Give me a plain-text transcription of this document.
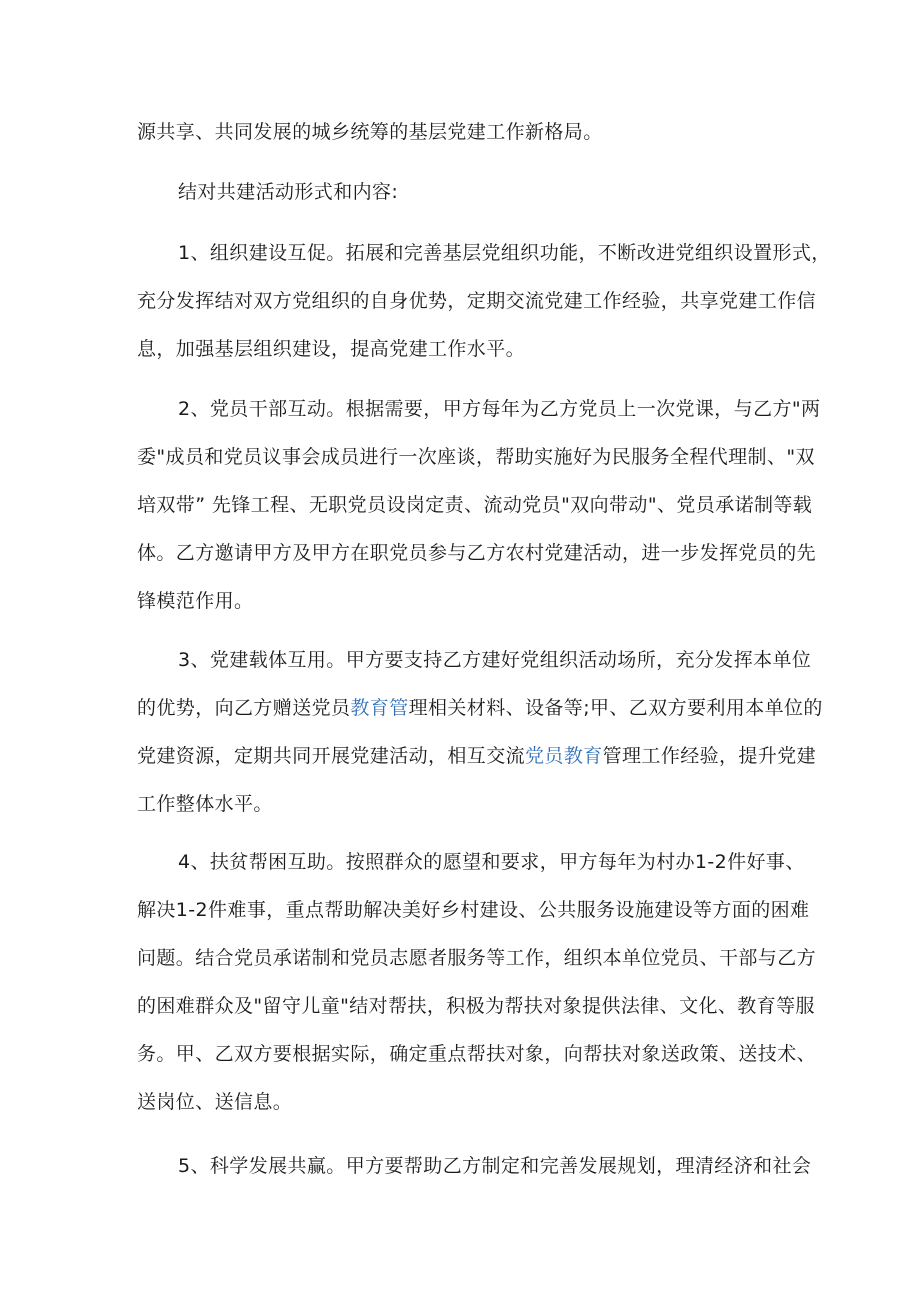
源共享、共同发展的城乡统筹的基层党建工作新格局。

结对共建活动形式和内容:

1、组织建设互促。拓展和完善基层党组织功能，不断改进党组织设置形式，
充分发挥结对双方党组织的自身优势，定期交流党建工作经验，共享党建工作信
息，加强基层组织建设，提高党建工作水平。

2、党员干部互动。根据需要，甲方每年为乙方党员上一次党课，与乙方"两
委"成员和党员议事会成员进行一次座谈，帮助实施好为民服务全程代理制、"双
培双带” 先锋工程、无职党员设岗定责、流动党员"双向带动"、党员承诺制等载
体。乙方邀请甲方及甲方在职党员参与乙方农村党建活动，进一步发挥党员的先
锋模范作用。

3、党建载体互用。甲方要支持乙方建好党组织活动场所，充分发挥本单位
的优势，向乙方赠送党员教育管理相关材料、设备等;甲、乙双方要利用本单位的
党建资源，定期共同开展党建活动，相互交流党员教育管理工作经验，提升党建
工作整体水平。

4、扶贫帮困互助。按照群众的愿望和要求，甲方每年为村办1-2件好事、
解决1-2件难事，重点帮助解决美好乡村建设、公共服务设施建设等方面的困难
问题。结合党员承诺制和党员志愿者服务等工作，组织本单位党员、干部与乙方
的困难群众及"留守儿童"结对帮扶，积极为帮扶对象提供法律、文化、教育等服
务。甲、乙双方要根据实际，确定重点帮扶对象，向帮扶对象送政策、送技术、
送岗位、送信息。

5、科学发展共赢。甲方要帮助乙方制定和完善发展规划，理清经济和社会
